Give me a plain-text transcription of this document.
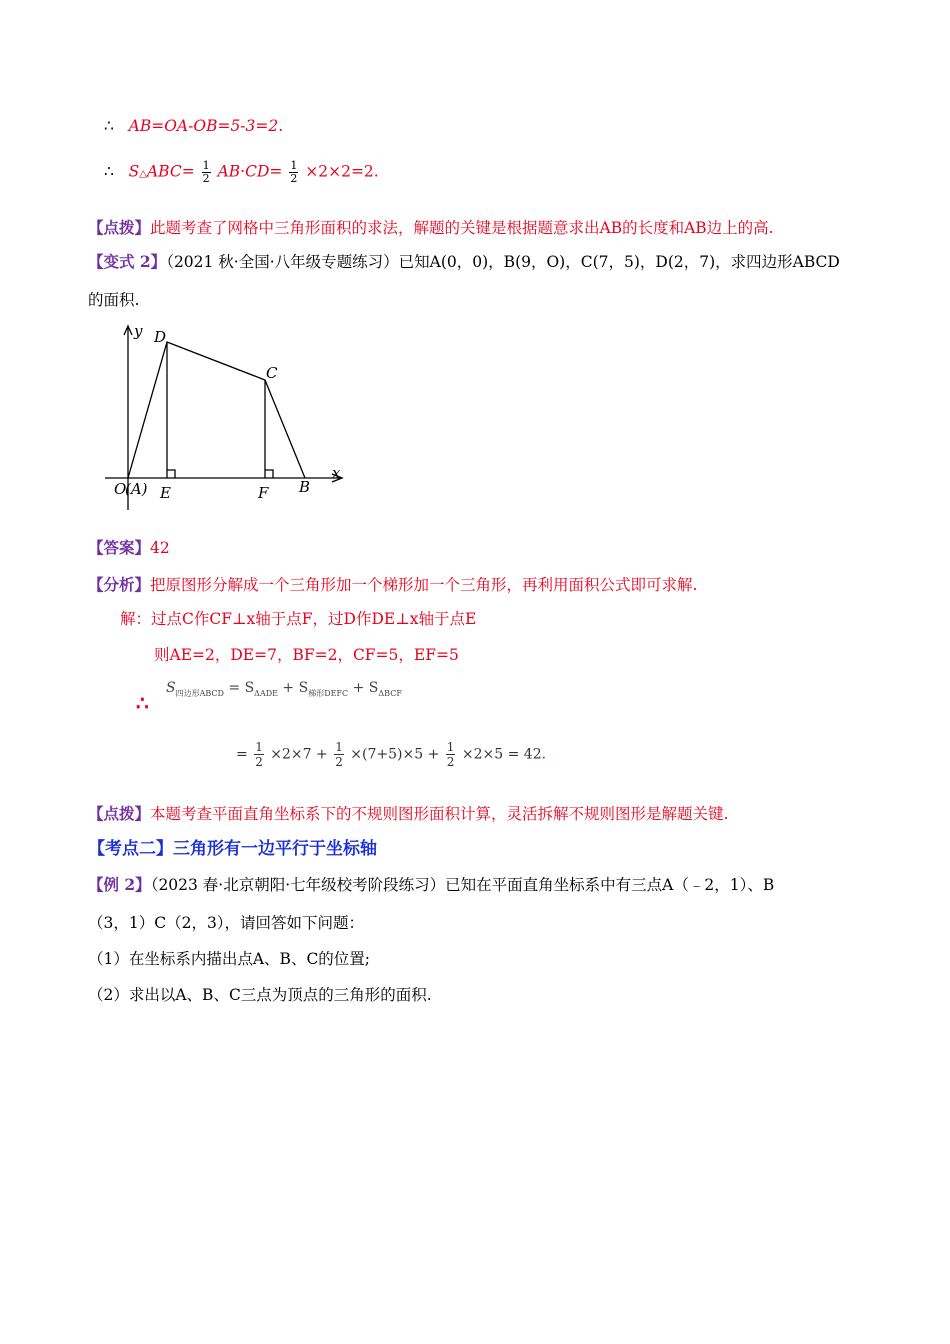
∴ AB=OA-OB=5-3=2.
∴ S△ABC= $\frac{1}{2} AB\cdot CD= \frac{1}{2} \times 2\times 2=2$.
【点拨】此题考查了网格中三角形面积的求法，解题的关键是根据题意求出AB的长度和AB边上的高.
【变式 2】（2021 秋·全国·八年级专题练习）已知A(0，0)，B(9，O)，C(7，5)，D(2，7)，求四边形ABCD
的面积.
y
x
D
C
O
(A) E	F B
【答案】42
【分析】把原图形分解成一个三角形加一个梯形加一个三角形，再利用面积公式即可求解.
解：过点C作CF⊥x轴于点F，过D作DE⊥x轴于点E
则AE=2，DE=7，BF=2，CF=5，EF=5
∴
$S_{四边形ABCD} = S_{\Delta ADE} + S_{梯形DEFC} + S_{\Delta BCF}$
= $\frac{1}{2} \times 2\times 7 + \frac{1}{2} \times(7+5)\times 5 + \frac{1}{2} \times 2\times 5 = 42$.
【点拨】本题考查平面直角坐标系下的不规则图形面积计算，灵活拆解不规则图形是解题关键.
【考点二】三角形有一边平行于坐标轴
【例 2】（2023 春·北京朝阳·七年级校考阶段练习）已知在平面直角坐标系中有三点A（﹣2，1）、B
（3，1）C（2，3），请回答如下问题：
（1）在坐标系内描出点A、B、C的位置;
（2）求出以A、B、C三点为顶点的三角形的面积.
